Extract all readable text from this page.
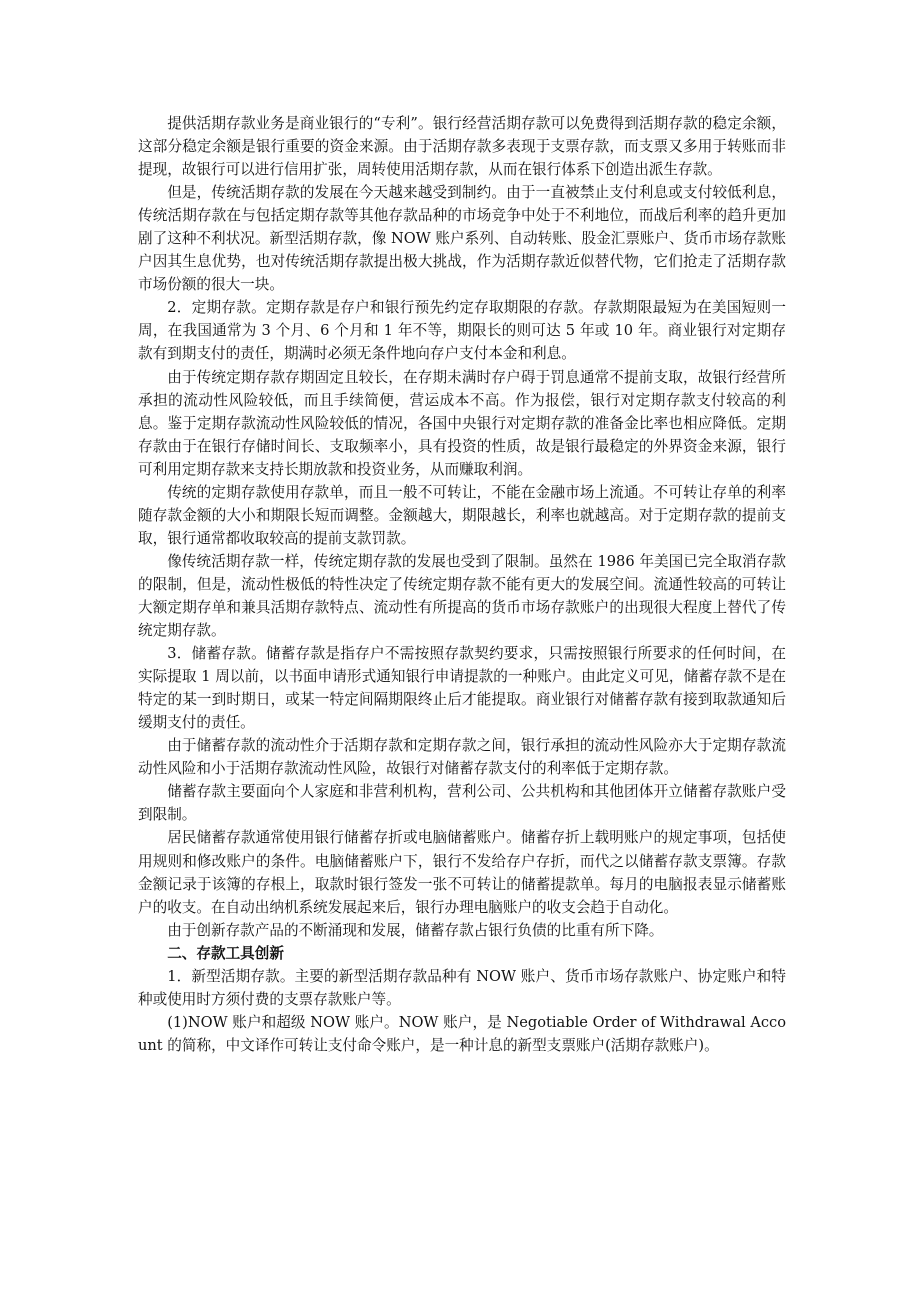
提供活期存款业务是商业银行的“专利”。银行经营活期存款可以免费得到活期存款的稳定余额，这部分稳定余额是银行重要的资金来源。由于活期存款多表现于支票存款，而支票又多用于转账而非提现，故银行可以进行信用扩张，周转使用活期存款，从而在银行体系下创造出派生存款。

但是，传统活期存款的发展在今天越来越受到制约。由于一直被禁止支付利息或支付较低利息，传统活期存款在与包括定期存款等其他存款品种的市场竞争中处于不利地位，而战后利率的趋升更加剧了这种不利状况。新型活期存款，像 NOW 账户系列、自动转账、股金汇票账户、货币市场存款账户因其生息优势，也对传统活期存款提出极大挑战，作为活期存款近似替代物，它们抢走了活期存款市场份额的很大一块。

2．定期存款。定期存款是存户和银行预先约定存取期限的存款。存款期限最短为在美国短则一周，在我国通常为 3 个月、6 个月和 1 年不等，期限长的则可达 5 年或 10 年。商业银行对定期存款有到期支付的责任，期满时必须无条件地向存户支付本金和利息。

由于传统定期存款存期固定且较长，在存期未满时存户碍于罚息通常不提前支取，故银行经营所承担的流动性风险较低，而且手续简便，营运成本不高。作为报偿，银行对定期存款支付较高的利息。鉴于定期存款流动性风险较低的情况，各国中央银行对定期存款的准备金比率也相应降低。定期存款由于在银行存储时间长、支取频率小，具有投资的性质，故是银行最稳定的外界资金来源，银行可利用定期存款来支持长期放款和投资业务，从而赚取利润。

传统的定期存款使用存款单，而且一般不可转让，不能在金融市场上流通。不可转让存单的利率随存款金额的大小和期限长短而调整。金额越大，期限越长，利率也就越高。对于定期存款的提前支取，银行通常都收取较高的提前支款罚款。

像传统活期存款一样，传统定期存款的发展也受到了限制。虽然在 1986 年美国已完全取消存款的限制，但是，流动性极低的特性决定了传统定期存款不能有更大的发展空间。流通性较高的可转让大额定期存单和兼具活期存款特点、流动性有所提高的货币市场存款账户的出现很大程度上替代了传统定期存款。

3．储蓄存款。储蓄存款是指存户不需按照存款契约要求，只需按照银行所要求的任何时间，在实际提取 1 周以前，以书面申请形式通知银行申请提款的一种账户。由此定义可见，储蓄存款不是在特定的某一到时期日，或某一特定间隔期限终止后才能提取。商业银行对储蓄存款有接到取款通知后缓期支付的责任。

由于储蓄存款的流动性介于活期存款和定期存款之间，银行承担的流动性风险亦大于定期存款流动性风险和小于活期存款流动性风险，故银行对储蓄存款支付的利率低于定期存款。

储蓄存款主要面向个人家庭和非营利机构，营利公司、公共机构和其他团体开立储蓄存款账户受到限制。

居民储蓄存款通常使用银行储蓄存折或电脑储蓄账户。储蓄存折上载明账户的规定事项，包括使用规则和修改账户的条件。电脑储蓄账户下，银行不发给存户存折，而代之以储蓄存款支票簿。存款金额记录于该簿的存根上，取款时银行签发一张不可转让的储蓄提款单。每月的电脑报表显示储蓄账户的收支。在自动出纳机系统发展起来后，银行办理电脑账户的收支会趋于自动化。

由于创新存款产品的不断涌现和发展，储蓄存款占银行负债的比重有所下降。

二、存款工具创新

1．新型活期存款。主要的新型活期存款品种有 NOW 账户、货币市场存款账户、协定账户和特种或使用时方须付费的支票存款账户等。

(1)NOW 账户和超级 NOW 账户。NOW 账户，是 Negotiable Order of Withdrawal Account 的简称，中文译作可转让支付命令账户，是一种计息的新型支票账户(活期存款账户)。
